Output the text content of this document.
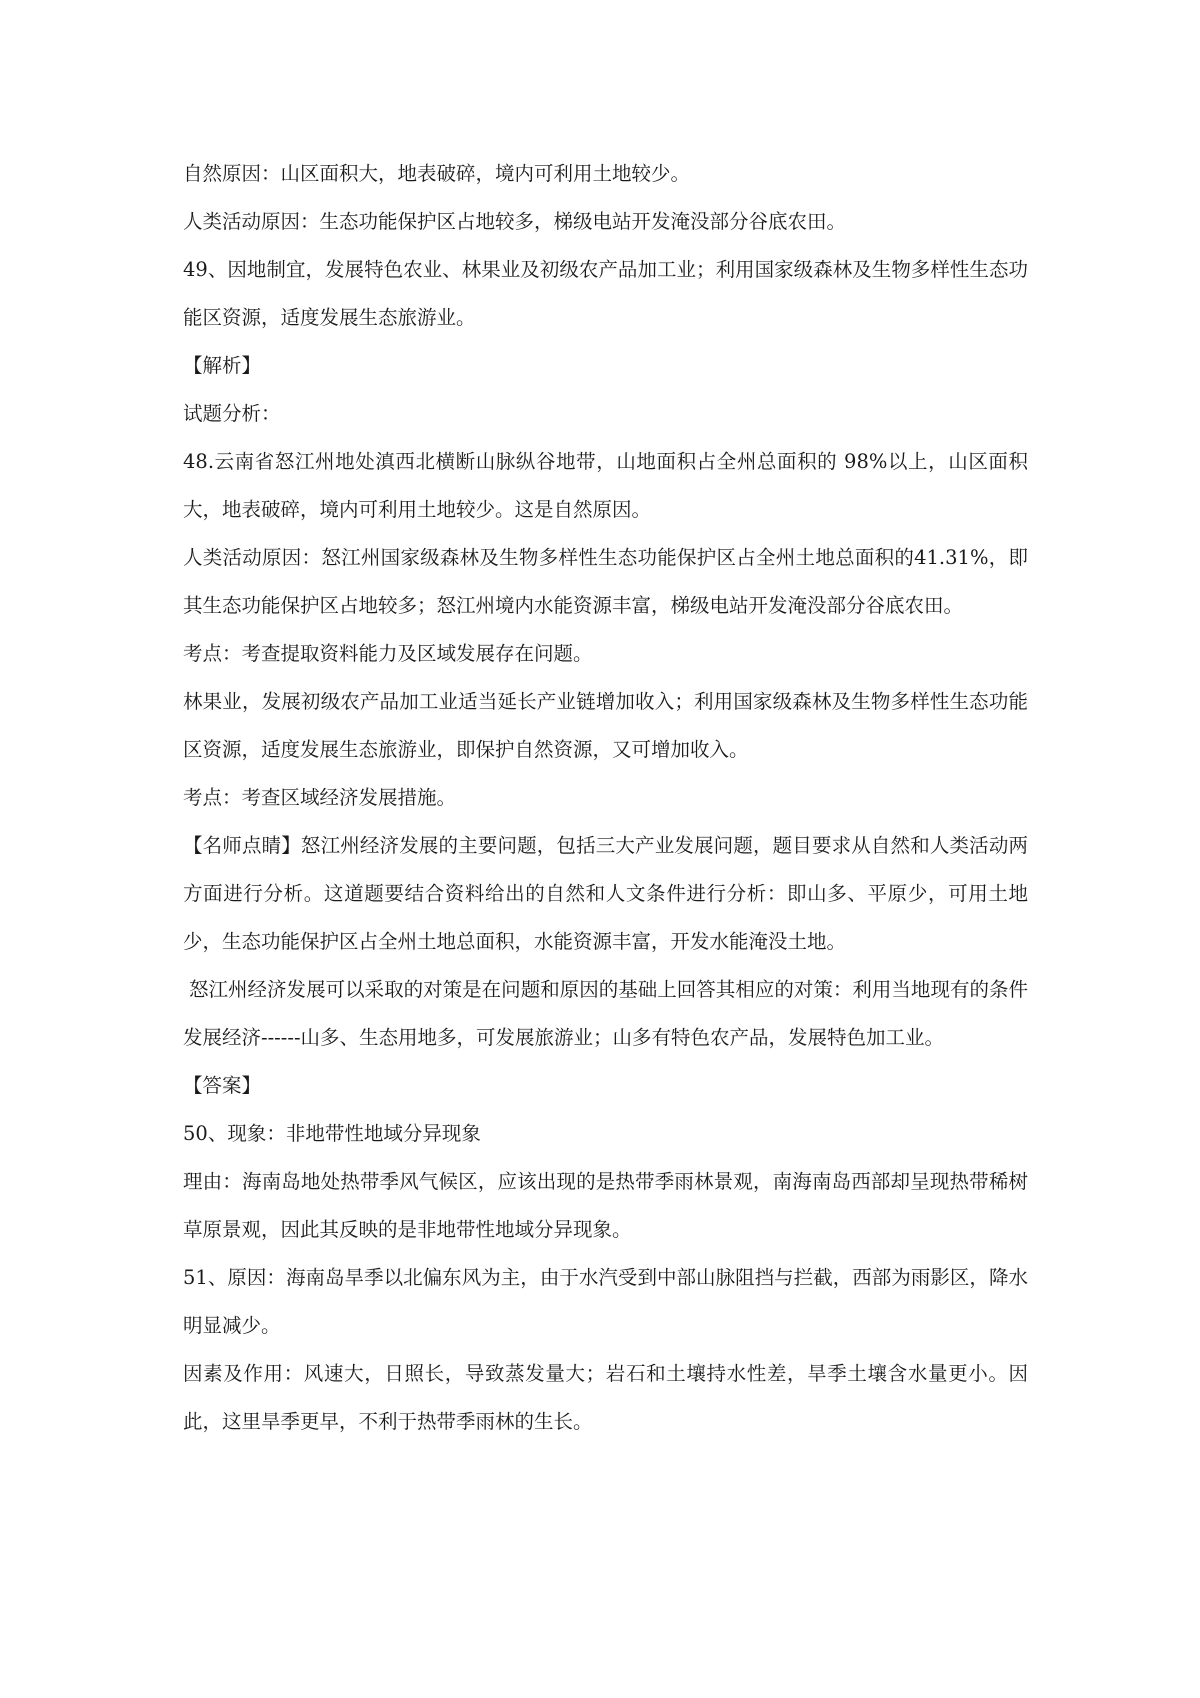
自然原因：山区面积大，地表破碎，境内可利用土地较少。

人类活动原因：生态功能保护区占地较多，梯级电站开发淹没部分谷底农田。

49、因地制宜，发展特色农业、林果业及初级农产品加工业；利用国家级森林及生物多样性生态功能区资源，适度发展生态旅游业。

【解析】

试题分析：

48.云南省怒江州地处滇西北横断山脉纵谷地带，山地面积占全州总面积的 98%以上，山区面积大，地表破碎，境内可利用土地较少。这是自然原因。

人类活动原因：怒江州国家级森林及生物多样性生态功能保护区占全州土地总面积的41.31%，即其生态功能保护区占地较多；怒江州境内水能资源丰富，梯级电站开发淹没部分谷底农田。

考点：考查提取资料能力及区域发展存在问题。

林果业，发展初级农产品加工业适当延长产业链增加收入；利用国家级森林及生物多样性生态功能区资源，适度发展生态旅游业，即保护自然资源，又可增加收入。

考点：考查区域经济发展措施。

【名师点睛】怒江州经济发展的主要问题，包括三大产业发展问题，题目要求从自然和人类活动两方面进行分析。这道题要结合资料给出的自然和人文条件进行分析：即山多、平原少，可用土地少，生态功能保护区占全州土地总面积，水能资源丰富，开发水能淹没土地。

怒江州经济发展可以采取的对策是在问题和原因的基础上回答其相应的对策：利用当地现有的条件发展经济------山多、生态用地多，可发展旅游业；山多有特色农产品，发展特色加工业。

【答案】

50、现象：非地带性地域分异现象

理由：海南岛地处热带季风气候区，应该出现的是热带季雨林景观，南海南岛西部却呈现热带稀树草原景观，因此其反映的是非地带性地域分异现象。

51、原因：海南岛旱季以北偏东风为主，由于水汽受到中部山脉阻挡与拦截，西部为雨影区，降水明显减少。

因素及作用：风速大，日照长，导致蒸发量大；岩石和土壤持水性差，旱季土壤含水量更小。因此，这里旱季更早，不利于热带季雨林的生长。
